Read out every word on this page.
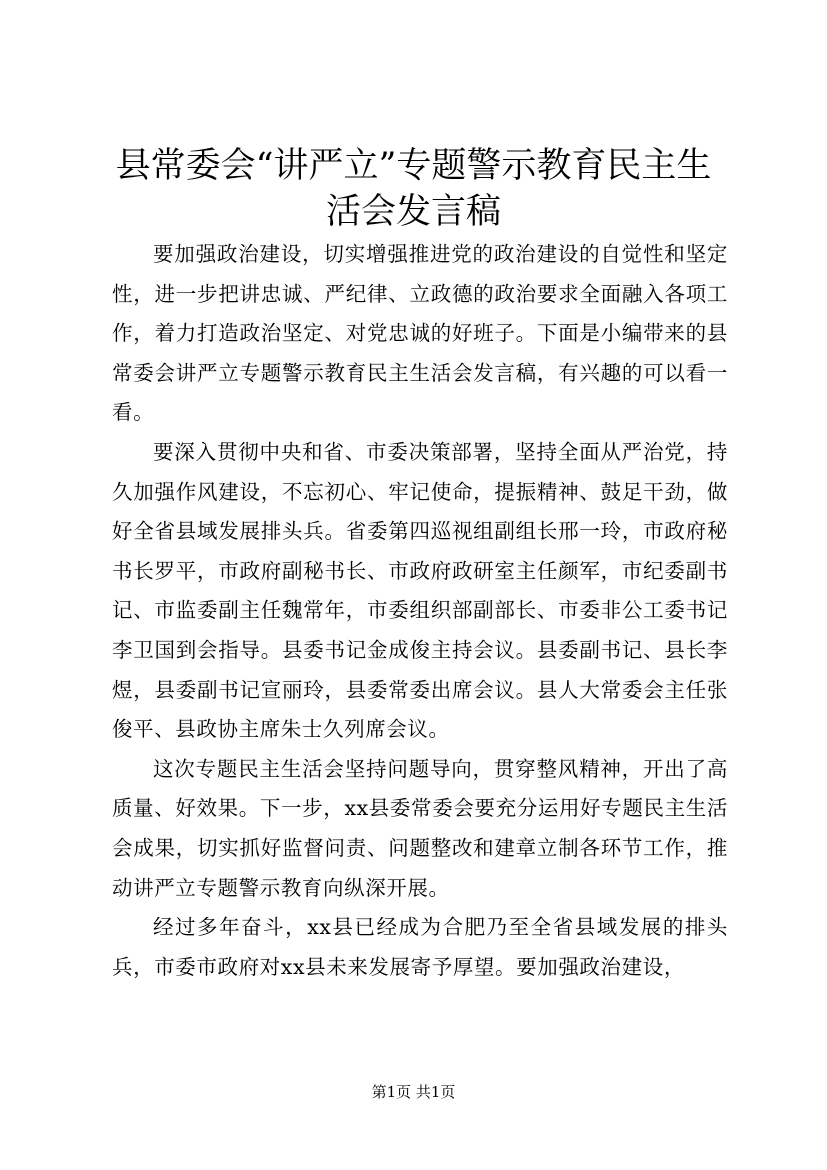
县常委会“讲严立”专题警示教育民主生活会发言稿

要加强政治建设，切实增强推进党的政治建设的自觉性和坚定性，进一步把讲忠诚、严纪律、立政德的政治要求全面融入各项工作，着力打造政治坚定、对党忠诚的好班子。下面是小编带来的县常委会讲严立专题警示教育民主生活会发言稿，有兴趣的可以看一看。

要深入贯彻中央和省、市委决策部署，坚持全面从严治党，持久加强作风建设，不忘初心、牢记使命，提振精神、鼓足干劲，做好全省县域发展排头兵。省委第四巡视组副组长邢一玲，市政府秘书长罗平，市政府副秘书长、市政府政研室主任颜军，市纪委副书记、市监委副主任魏常年，市委组织部副部长、市委非公工委书记李卫国到会指导。县委书记金成俊主持会议。县委副书记、县长李煜，县委副书记宣丽玲，县委常委出席会议。县人大常委会主任张俊平、县政协主席朱士久列席会议。

这次专题民主生活会坚持问题导向，贯穿整风精神，开出了高质量、好效果。下一步，xx县委常委会要充分运用好专题民主生活会成果，切实抓好监督问责、问题整改和建章立制各环节工作，推动讲严立专题警示教育向纵深开展。

经过多年奋斗，xx县已经成为合肥乃至全省县域发展的排头兵，市委市政府对xx县未来发展寄予厚望。要加强政治建设，

第1页 共1页
